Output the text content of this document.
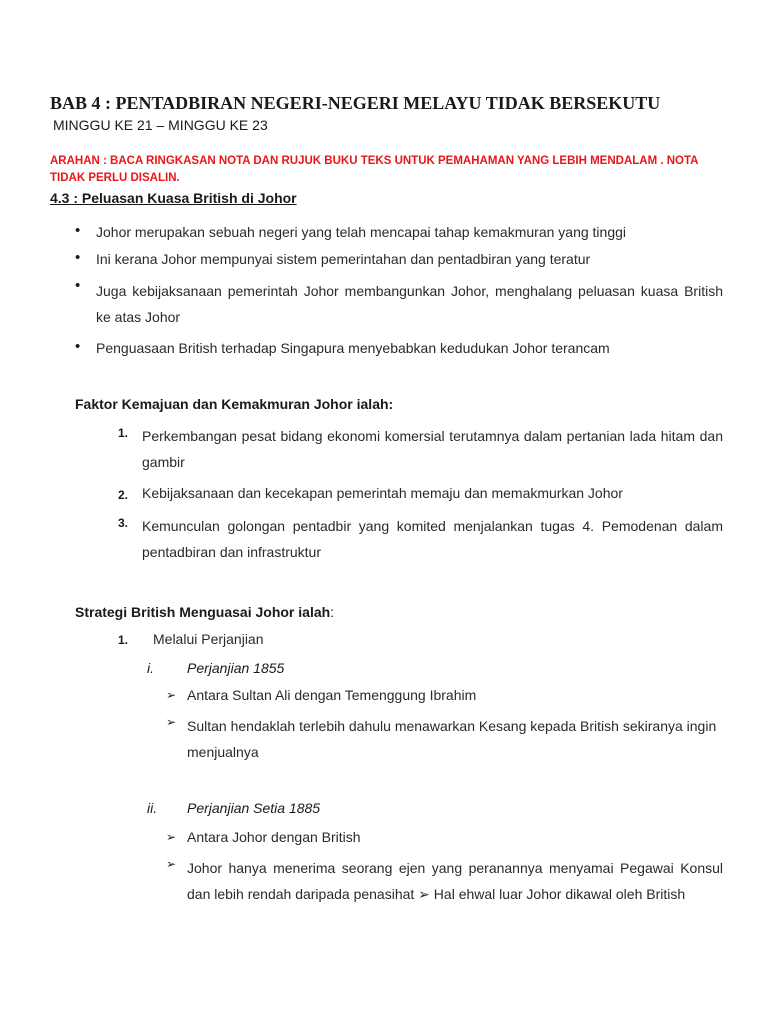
BAB 4 : PENTADBIRAN NEGERI-NEGERI MELAYU TIDAK BERSEKUTU
MINGGU KE 21 – MINGGU KE 23
ARAHAN : BACA RINGKASAN NOTA DAN RUJUK BUKU TEKS UNTUK PEMAHAMAN YANG LEBIH MENDALAM . NOTA TIDAK PERLU DISALIN.
4.3 : Peluasan Kuasa British di Johor
• Johor merupakan sebuah negeri yang telah mencapai tahap kemakmuran yang tinggi
• Ini kerana Johor mempunyai sistem pemerintahan dan pentadbiran yang teratur
• Juga kebijaksanaan pemerintah Johor membangunkan Johor, menghalang peluasan kuasa British ke atas Johor
• Penguasaan British terhadap Singapura menyebabkan kedudukan Johor terancam
Faktor Kemajuan dan Kemakmuran Johor ialah:
1. Perkembangan pesat bidang ekonomi komersial terutamnya dalam pertanian lada hitam dan gambir
2. Kebijaksanaan dan kecekapan pemerintah memaju dan memakmurkan Johor
3. Kemunculan golongan pentadbir yang komited menjalankan tugas 4. Pemodenan dalam pentadbiran dan infrastruktur
Strategi British Menguasai Johor ialah:
1. Melalui Perjanjian
i. Perjanjian 1855
➢ Antara Sultan Ali dengan Temenggung Ibrahim
➢ Sultan hendaklah terlebih dahulu menawarkan Kesang kepada British sekiranya ingin menjualnya
ii. Perjanjian Setia 1885
➢ Antara Johor dengan British
➢ Johor hanya menerima seorang ejen yang peranannya menyamai Pegawai Konsul dan lebih rendah daripada penasihat ➢ Hal ehwal luar Johor dikawal oleh British
